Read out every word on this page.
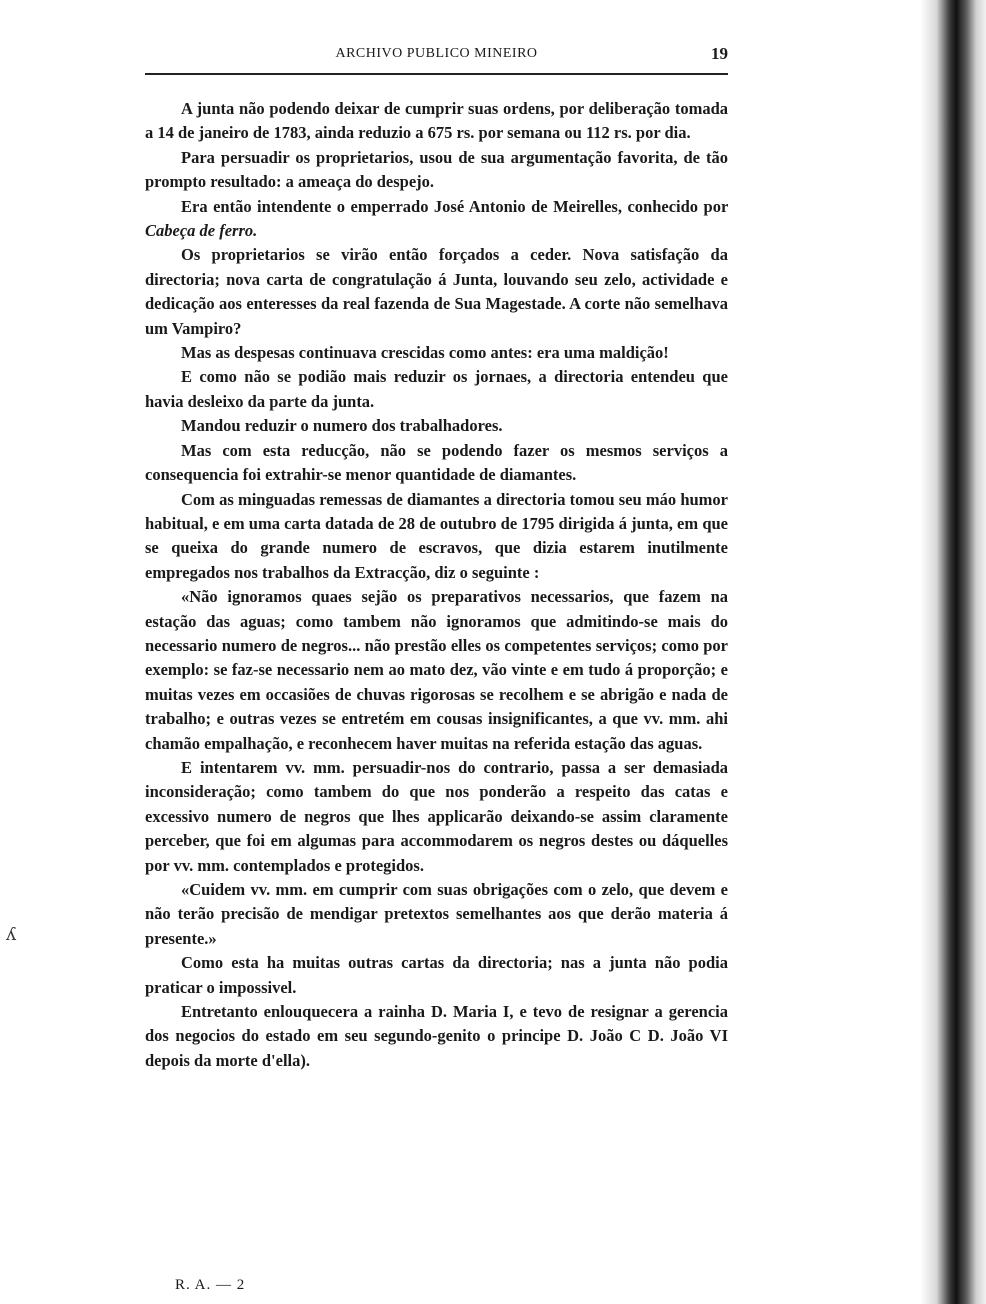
ARCHIVO PUBLICO MINEIRO	19

A junta não podendo deixar de cumprir suas ordens, por deliberação tomada a 14 de janeiro de 1783, ainda reduzio a 675 rs. por semana ou 112 rs. por dia.

Para persuadir os proprietarios, usou de sua argumentação favorita, de tão prompto resultado: a ameaça do despejo.

Era então intendente o emperrado José Antonio de Meirelles, conhecido por Cabeça de ferro.

Os proprietarios se virão então forçados a ceder. Nova satisfação da directoria; nova carta de congratulação á Junta, louvando seu zelo, actividade e dedicação aos enteresses da real fazenda de Sua Magestade. A corte não semelhava um Vampiro?

Mas as despesas continuava crescidas como antes: era uma maldição!

E como não se podião mais reduzir os jornaes, a directoria entendeu que havia desleixo da parte da junta.

Mandou reduzir o numero dos trabalhadores.

Mas com esta reducção, não se podendo fazer os mesmos serviços a consequencia foi extrahir-se menor quantidade de diamantes.

Com as minguadas remessas de diamantes a directoria tomou seu máo humor habitual, e em uma carta datada de 28 de outubro de 1795 dirigida á junta, em que se queixa do grande numero de escravos, que dizia estarem inutilmente empregados nos trabalhos da Extracção, diz o seguinte :

«Não ignoramos quaes sejão os preparativos necessarios, que fazem na estação das aguas; como tambem não ignoramos que admitindo-se mais do necessario numero de negros... não prestão elles os competentes serviços; como por exemplo: se faz-se necessario nem ao mato dez, vão vinte e em tudo á proporção; e muitas vezes em occasiões de chuvas rigorosas se recolhem e se abrigão e nada de trabalho; e outras vezes se entretém em cousas insignificantes, a que vv. mm. ahi chamão empalhação, e reconhecem haver muitas na referida estação das aguas.

E intentarem vv. mm. persuadir-nos do contrario, passa a ser demasiada inconsideração; como tambem do que nos ponderão a respeito das catas e excessivo numero de negros que lhes applicarão deixando-se assim claramente perceber, que foi em algumas para accommodarem os negros destes ou dáquelles por vv. mm. contemplados e protegidos.

«Cuidem vv. mm. em cumprir com suas obrigações com o zelo, que devem e não terão precisão de mendigar pretextos semelhantes aos que derão materia á presente.»

Como esta ha muitas outras cartas da directoria; nas a junta não podia praticar o impossivel.

Entretanto enlouquecera a rainha D. Maria I, e tevo de resignar a gerencia dos negocios do estado em seu segundo-genito o principe D. João C D. João VI depois da morte d'ella).

R. A. — 2
ʎ
